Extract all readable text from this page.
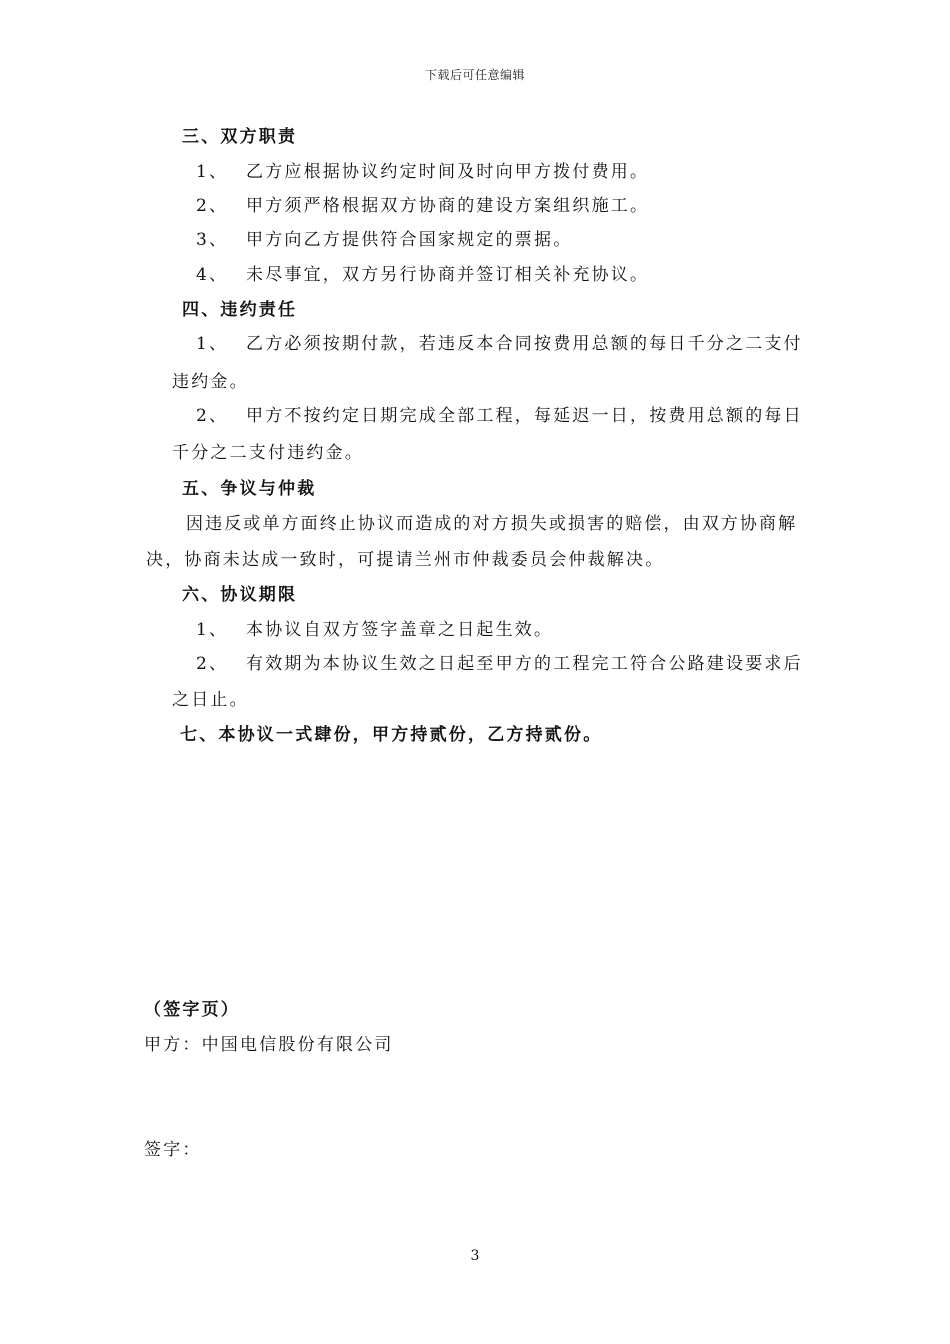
下载后可任意编辑
三、双方职责
1、 乙方应根据协议约定时间及时向甲方拨付费用。
2、 甲方须严格根据双方协商的建设方案组织施工。
3、 甲方向乙方提供符合国家规定的票据。
4、 未尽事宜，双方另行协商并签订相关补充协议。
四、违约责任
1、 乙方必须按期付款，若违反本合同按费用总额的每日千分之二支付
违约金。
2、 甲方不按约定日期完成全部工程，每延迟一日，按费用总额的每日
千分之二支付违约金。
五、争议与仲裁
因违反或单方面终止协议而造成的对方损失或损害的赔偿，由双方协商解
决，协商未达成一致时，可提请兰州市仲裁委员会仲裁解决。
六、协议期限
1、 本协议自双方签字盖章之日起生效。
2、 有效期为本协议生效之日起至甲方的工程完工符合公路建设要求后
之日止。
七、本协议一式肆份，甲方持贰份，乙方持贰份。
（签字页）
甲方：中国电信股份有限公司
签字：
3
